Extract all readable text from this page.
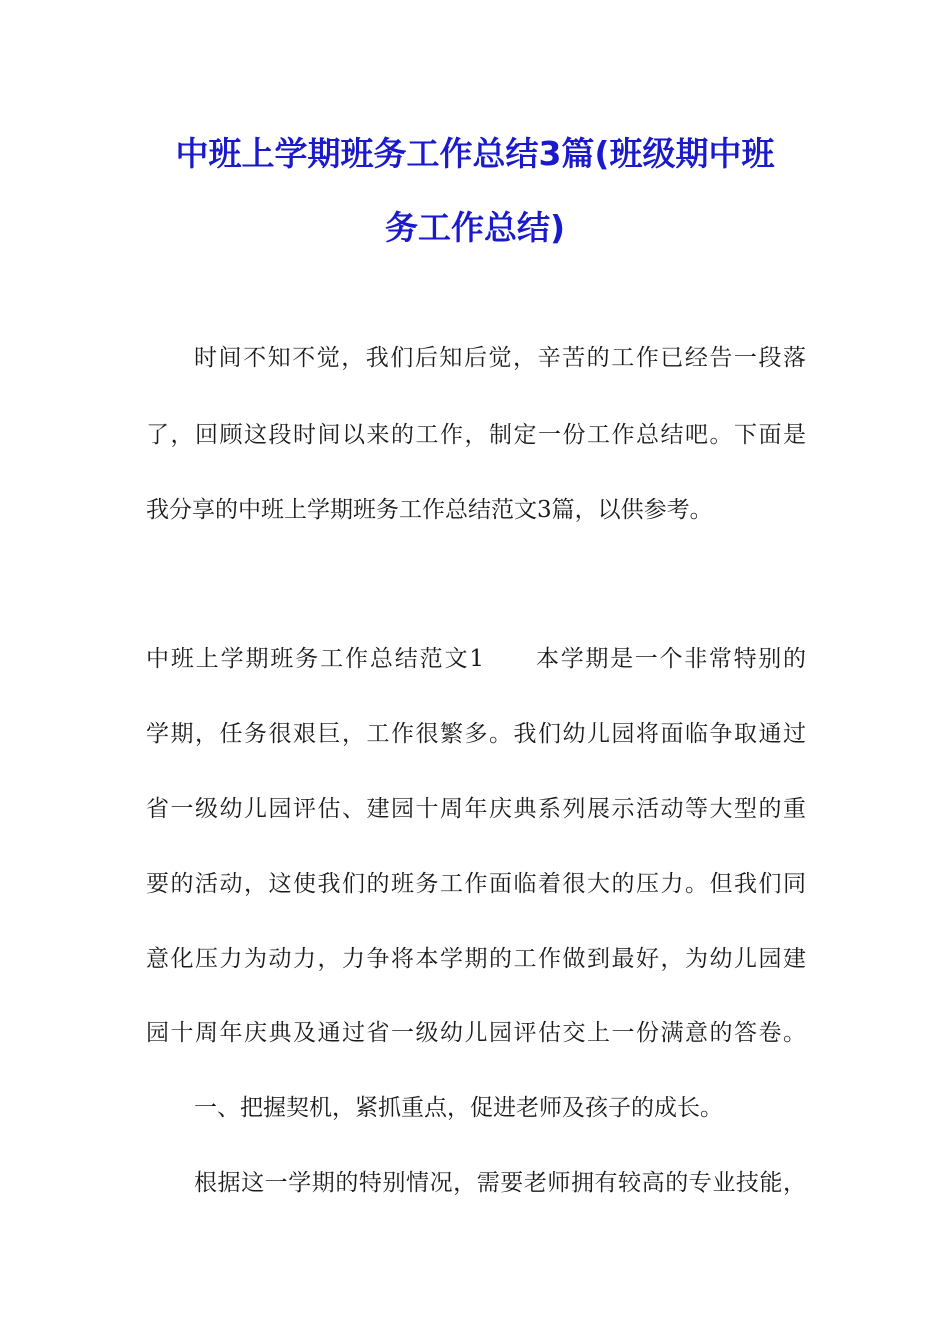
中班上学期班务工作总结3篇(班级期中班
务工作总结)
时间不知不觉，我们后知后觉，辛苦的工作已经告一段落
了，回顾这段时间以来的工作，制定一份工作总结吧。下面是
我分享的中班上学期班务工作总结范文3篇，以供参考。
中班上学期班务工作总结范文1 本学期是一个非常特别的
学期，任务很艰巨，工作很繁多。我们幼儿园将面临争取通过
省一级幼儿园评估、建园十周年庆典系列展示活动等大型的重
要的活动，这使我们的班务工作面临着很大的压力。但我们同
意化压力为动力，力争将本学期的工作做到最好，为幼儿园建
园十周年庆典及通过省一级幼儿园评估交上一份满意的答卷。
一、把握契机，紧抓重点，促进老师及孩子的成长。
根据这一学期的特别情况，需要老师拥有较高的专业技能，
